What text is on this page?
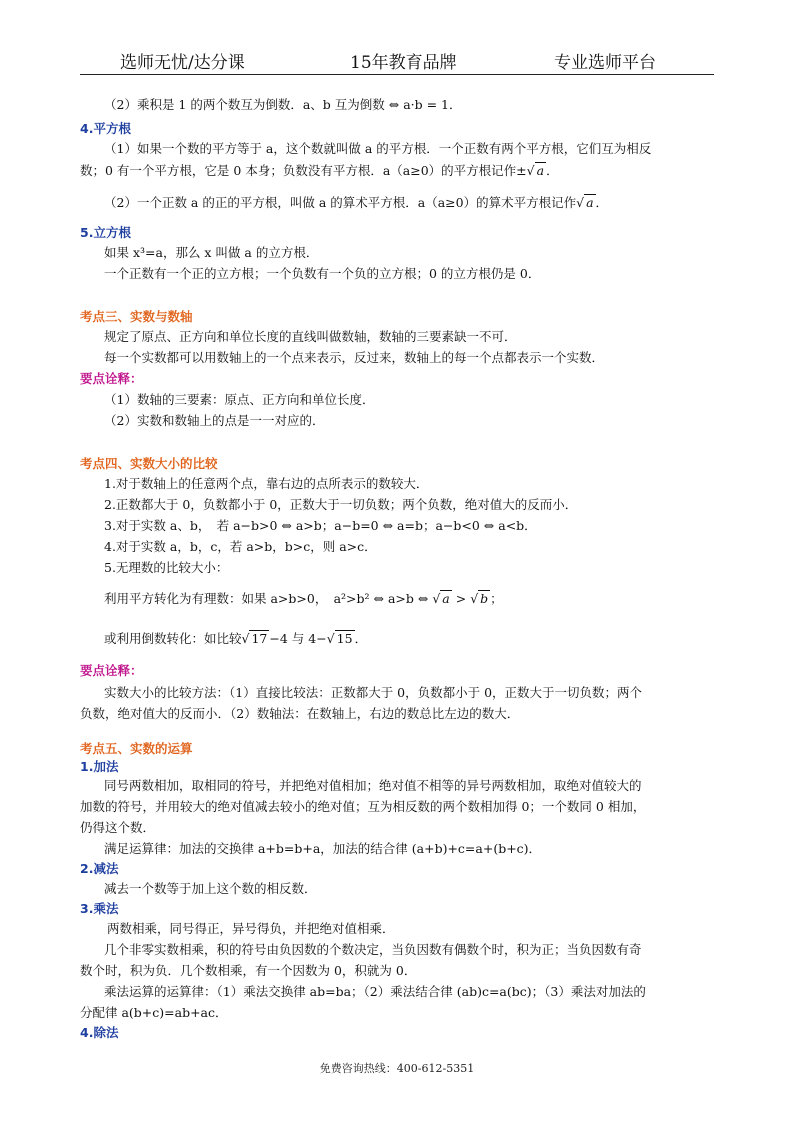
选师无忧/达分课	15年教育品牌	专业选师平台
（2）乘积是 1 的两个数互为倒数．a、b 互为倒数 ⇔ a·b = 1．
4.平方根
（1）如果一个数的平方等于 a，这个数就叫做 a 的平方根．一个正数有两个平方根，它们互为相反
数；0 有一个平方根，它是 0 本身；负数没有平方根．a（a≥0）的平方根记作±√ a ．
（2）一个正数 a 的正的平方根，叫做 a 的算术平方根．a（a≥0）的算术平方根记作√ a ．
5.立方根
如果 x³=a，那么 x 叫做 a 的立方根．
一个正数有一个正的立方根；一个负数有一个负的立方根；0 的立方根仍是 0．
考点三、实数与数轴
规定了原点、正方向和单位长度的直线叫做数轴，数轴的三要素缺一不可．
每一个实数都可以用数轴上的一个点来表示，反过来，数轴上的每一个点都表示一个实数．
要点诠释：
（1）数轴的三要素：原点、正方向和单位长度．
（2）实数和数轴上的点是一一对应的．
考点四、实数大小的比较
1.对于数轴上的任意两个点，靠右边的点所表示的数较大．
2.正数都大于 0，负数都小于 0，正数大于一切负数；两个负数，绝对值大的反而小．
3.对于实数 a、b，　若 a−b>0 ⇔ a>b；a−b=0 ⇔ a=b；a−b<0 ⇔ a<b．
4.对于实数 a，b，c，若 a>b，b>c，则 a>c．
5.无理数的比较大小：
利用平方转化为有理数：如果 a>b>0，　a²>b² ⇔ a>b ⇔ √ a > √ b ；
或利用倒数转化：如比较√ 17 −4 与 4−√ 15 ．
要点诠释：
实数大小的比较方法：（1）直接比较法：正数都大于 0，负数都小于 0，正数大于一切负数；两个
负数，绝对值大的反而小．（2）数轴法：在数轴上，右边的数总比左边的数大．
考点五、实数的运算
1.加法
同号两数相加，取相同的符号，并把绝对值相加；绝对值不相等的异号两数相加，取绝对值较大的
加数的符号，并用较大的绝对值减去较小的绝对值；互为相反数的两个数相加得 0；一个数同 0 相加，
仍得这个数．
满足运算律：加法的交换律 a+b=b+a，加法的结合律 (a+b)+c=a+(b+c)．
2.减法
减去一个数等于加上这个数的相反数．
3.乘法
两数相乘，同号得正，异号得负，并把绝对值相乘．
几个非零实数相乘，积的符号由负因数的个数决定，当负因数有偶数个时，积为正；当负因数有奇
数个时，积为负．几个数相乘，有一个因数为 0，积就为 0．
乘法运算的运算律：（1）乘法交换律 ab=ba；（2）乘法结合律 (ab)c=a(bc)；（3）乘法对加法的
分配律 a(b+c)=ab+ac．
4.除法
免费咨询热线：400-612-5351
